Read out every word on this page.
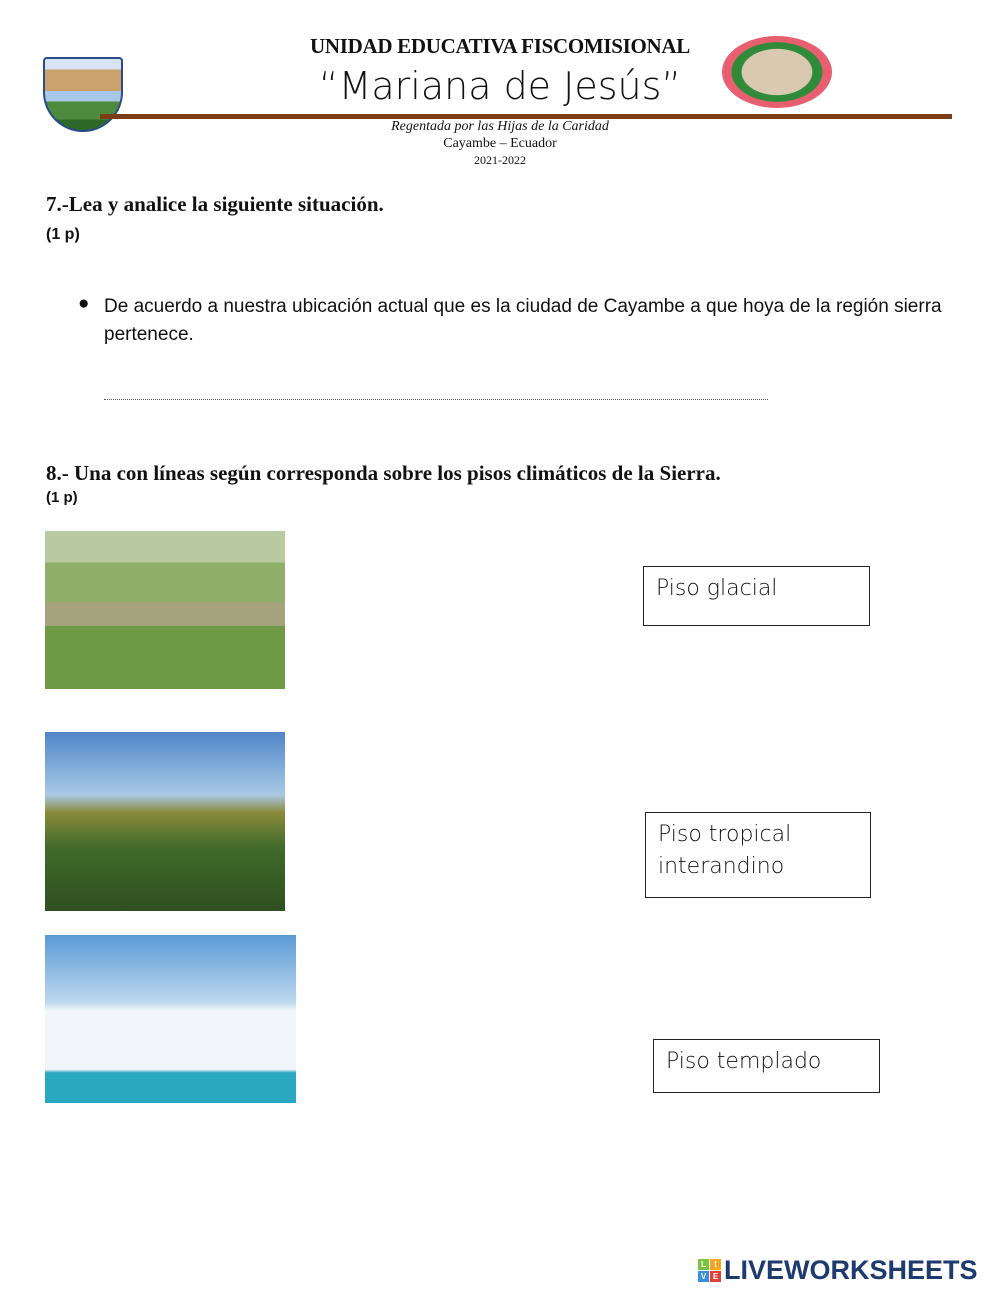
UNIDAD EDUCATIVA FISCOMISIONAL
“Mariana de Jesús”
Regentada por las Hijas de la Caridad
Cayambe – Ecuador
2021-2022
7.-Lea y analice la siguiente situación.
(1 p)
● De acuerdo a nuestra ubicación actual que es la ciudad de Cayambe a que hoya de la región sierra pertenece.
8.- Una con líneas según corresponda sobre los pisos climáticos de la Sierra.
(1 p)
Piso glacial
Piso tropical interandino
Piso templado
L	I
V E LIVEWORKSHEETS
